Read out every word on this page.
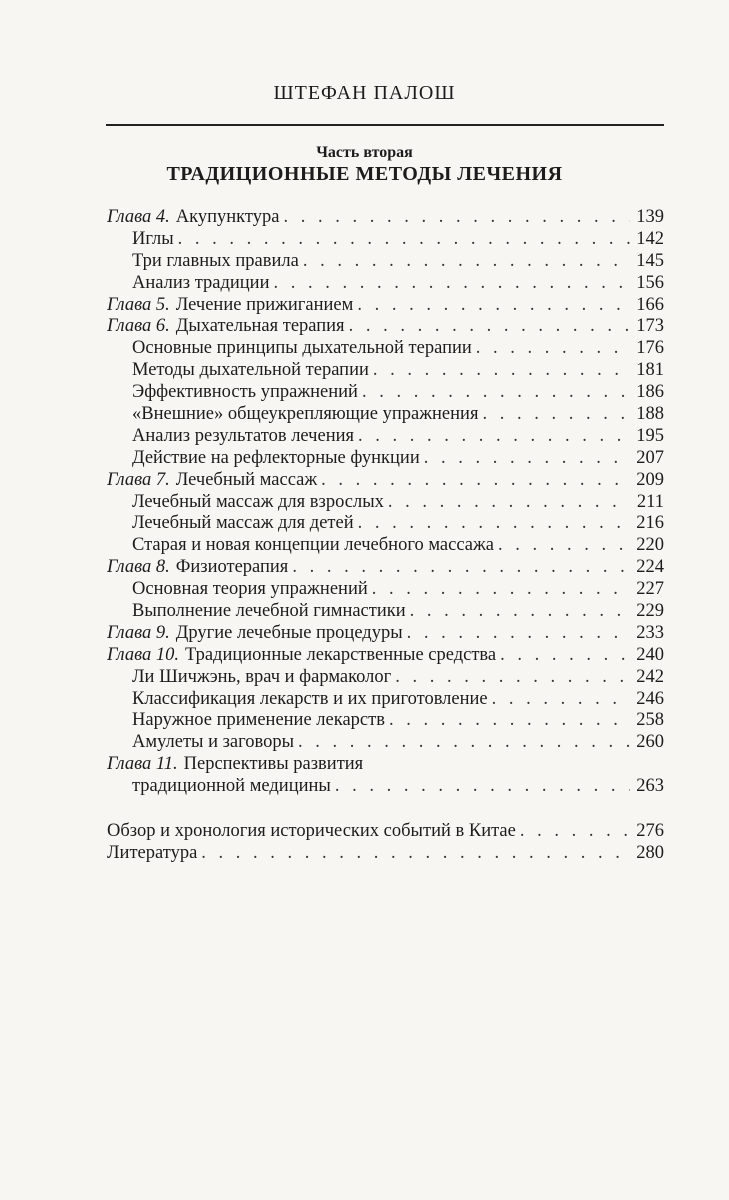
ШТЕФАН ПАЛОШ
Часть вторая
ТРАДИЦИОННЫЕ МЕТОДЫ ЛЕЧЕНИЯ
Глава 4. Акупунктура . . .	139
Иглы . . .	142
Три главных правила . . .	145
Анализ традиции . . .	156
Глава 5. Лечение прижиганием . . .	166
Глава 6. Дыхательная терапия . . .	173
Основные принципы дыхательной терапии . . .	176
Методы дыхательной терапии . . .	181
Эффективность упражнений . . .	186
«Внешние» общеукрепляющие упражнения . . .	188
Анализ результатов лечения . . .	195
Действие на рефлекторные функции . . .	207
Глава 7. Лечебный массаж . . .	209
Лечебный массаж для взрослых . . .	211
Лечебный массаж для детей . . .	216
Старая и новая концепции лечебного массажа . . .	220
Глава 8. Физиотерапия . . .	224
Основная теория упражнений . . .	227
Выполнение лечебной гимнастики . . .	229
Глава 9. Другие лечебные процедуры . . .	233
Глава 10. Традиционные лекарственные средства . . .	240
Ли Шичжэнь, врач и фармаколог . . .	242
Классификация лекарств и их приготовление . . .	246
Наружное применение лекарств . . .	258
Амулеты и заговоры . . .	260
Глава 11. Перспективы развития
традиционной медицины . . .	263
Обзор и хронология исторических событий в Китае . . .	276
Литература . . .	280
